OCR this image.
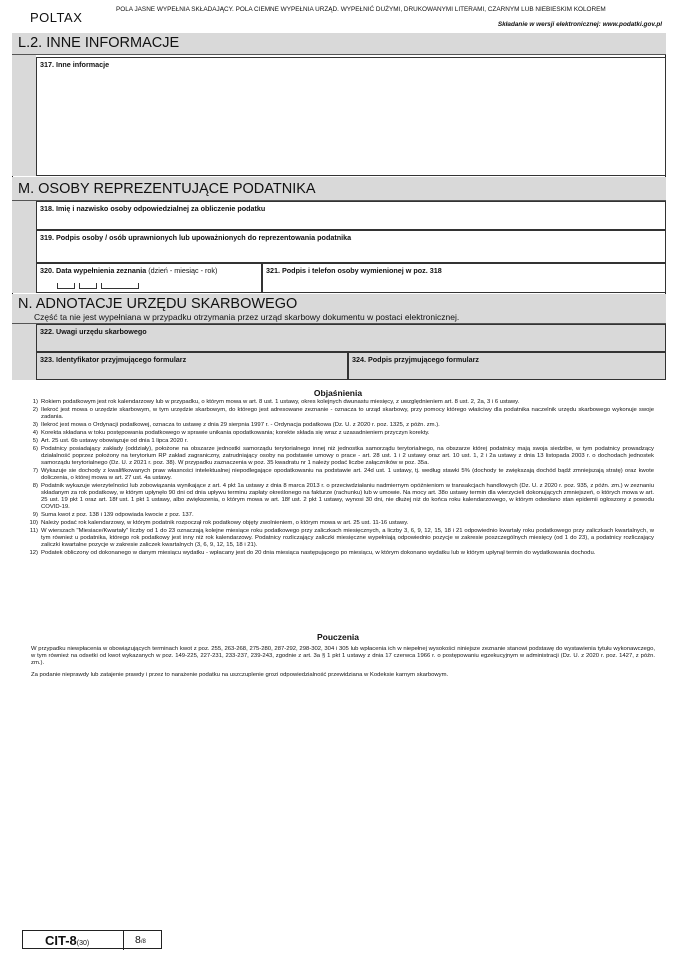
POLTAX
POLA JASNE WYPEŁNIA SKŁADAJĄCY. POLA CIEMNE WYPEŁNIA URZĄD. WYPEŁNIĆ DUŻYMI, DRUKOWANYMI LITERAMI, CZARNYM LUB NIEBIESKIM KOLOREM
Składanie w wersji elektronicznej: www.podatki.gov.pl
L.2. INNE INFORMACJE
317. Inne informacje
M. OSOBY REPREZENTUJĄCE PODATNIKA
318. Imię i nazwisko osoby odpowiedzialnej za obliczenie podatku
319. Podpis osoby / osób uprawnionych lub upoważnionych do reprezentowania podatnika
320. Data wypełnienia zeznania (dzień - miesiąc - rok)	321. Podpis i telefon osoby wymienionej w poz. 318
N. ADNOTACJE URZĘDU SKARBOWEGO
Część ta nie jest wypełniana w przypadku otrzymania przez urząd skarbowy dokumentu w postaci elektronicznej.
322. Uwagi urzędu skarbowego
323. Identyfikator przyjmującego formularz	324. Podpis przyjmującego formularz
Objaśnienia
1) Rokiem podatkowym jest rok kalendarzowy lub w przypadku, o którym mowa w art. 8 ust. 1 ustawy, okres kolejnych dwunastu miesięcy, z uwzględnieniem art. 8 ust. 2, 2a, 3 i 6 ustawy.
2) Ilekroć jest mowa o urzędzie skarbowym, w tym urzędzie skarbowym, do którego jest adresowane zeznanie - oznacza to urząd skarbowy, przy pomocy którego właściwy dla podatnika naczelnik urzędu skarbowego wykonuje swoje zadania.
3) Ilekroć jest mowa o Ordynacji podatkowej, oznacza to ustawę z dnia 29 sierpnia 1997 r. - Ordynacja podatkowa (Dz. U. z 2020 r. poz. 1325, z późn. zm.).
4) Korekta składana w toku postępowania podatkowego w sprawie unikania opodatkowania; korekte składa się wraz z uzasadnieniem przyczyn korekty.
5) Art. 25 ust. 6b ustawy obowiązuje od dnia 1 lipca 2020 r.
6) Podatnicy posiadający zakłady (oddziały), położone na obszarze jednostki samorządu terytorialnego innej niż jednostka samorządu terytorialnego, na obszarze której podatnicy mają swoja siedzibe, w tym podatnicy prowadzący działalność poprzez położony na terytorium RP zakład zagraniczny, zatrudniający osoby na podstawie umowy o prace - art. 28 ust. 1 i 2 ustawy oraz art. 10 ust. 1, 2 i 2a ustawy z dnia 13 listopada 2003 r. o dochodach jednostek samorządu terytorialnego (Dz. U. z 2021 r. poz. 38). W przypadku zaznaczenia w poz. 35 kwadratu nr 1 należy podać liczbe załączników w poz. 35a.
7) Wykazuje sie dochody z kwalifikowanych praw własności intelektualnej niepodlegające opodatkowaniu na podstawie art. 24d ust. 1 ustawy, tj. według stawki 5% (dochody te zwiększają dochód bądź zmniejszają stratę) oraz kwote doliczenia, o której mowa w art. 27 ust. 4a ustawy.
8) Podatnik wykazuje wierzytelności lub zobowiązania wynikające z art. 4 pkt 1a ustawy z dnia 8 marca 2013 r. o przeciwdziałaniu nadmiernym opóźnieniom w transakcjach handlowych (Dz. U. z 2020 r. poz. 935, z późn. zm.) w zeznaniu składanym za rok podatkowy, w którym upłynęło 90 dni od dnia upływu terminu zapłaty określonego na fakturze (rachunku) lub w umowie. Na mocy art. 38o ustawy termin dla wierzycieli dokonujących zmniejszeń, o których mowa w art. 25 ust. 19 pkt 1 oraz art. 18f ust. 1 pkt 1 ustawy, albo zwiększenia, o którym mowa w art. 18f ust. 2 pkt 1 ustawy, wynosi 30 dni, nie dłużej niż do końca roku kalendarzowego, w którym odwołano stan epidemii ogłoszony z powodu COVID-19.
9) Suma kwot z poz. 138 i 139 odpowiada kwocie z poz. 137.
10) Należy podać rok kalendarzowy, w którym podatnik rozpoczął rok podatkowy objęty zwolnieniem, o którym mowa w art. 25 ust. 11-16 ustawy.
11) W wierszach "Miesiace/Kwartały" liczby od 1 do 23 oznaczają kolejne miesiące roku podatkowego przy zaliczkach miesięcznych, a liczby 3, 6, 9, 12, 15, 18 i 21 odpowiednio kwartały roku podatkowego przy zaliczkach kwartalnych, w tym również u podatnika, którego rok podatkowy jest inny niż rok kalendarzowy. Podatnicy rozliczający zaliczki miesięczne wypełniają odpowiednio pozycje w zakresie poszczególnych miesięcy (od 1 do 23), a podatnicy rozliczający zaliczki kwartalne pozycje w zakresie zaliczek kwartalnych (3, 6, 9, 12, 15, 18 i 21).
12) Podatek obliczony od dokonanego w danym miesiącu wydatku - wpłacany jest do 20 dnia miesiąca następującego po miesiącu, w którym dokonano wydatku lub w którym upłynął termin do wydatkowania dochodu.
Pouczenia

W przypadku niewpłacenia w obowiązujących terminach kwot z poz. 255, 263-268, 275-280, 287-292, 298-302, 304 i 305 lub wpłacenia ich w niepełnej wysokości niniejsze zeznanie stanowi podstawę do wystawienia tytułu wykonawczego, w tym również na odsetki od kwot wykazanych w poz. 149-225, 227-231, 233-237, 239-243, zgodnie z art. 3a § 1 pkt 1 ustawy z dnia 17 czerwca 1966 r. o postępowaniu egzekucyjnym w administracji (Dz. U. z 2020 r. poz. 1427, z późn. zm.).

Za podanie nieprawdy lub zatajenie prawdy i przez to narażenie podatku na uszczuplenie grozi odpowiedzialność przewidziana w Kodeksie karnym skarbowym.

CIT-8(30)	8/8
